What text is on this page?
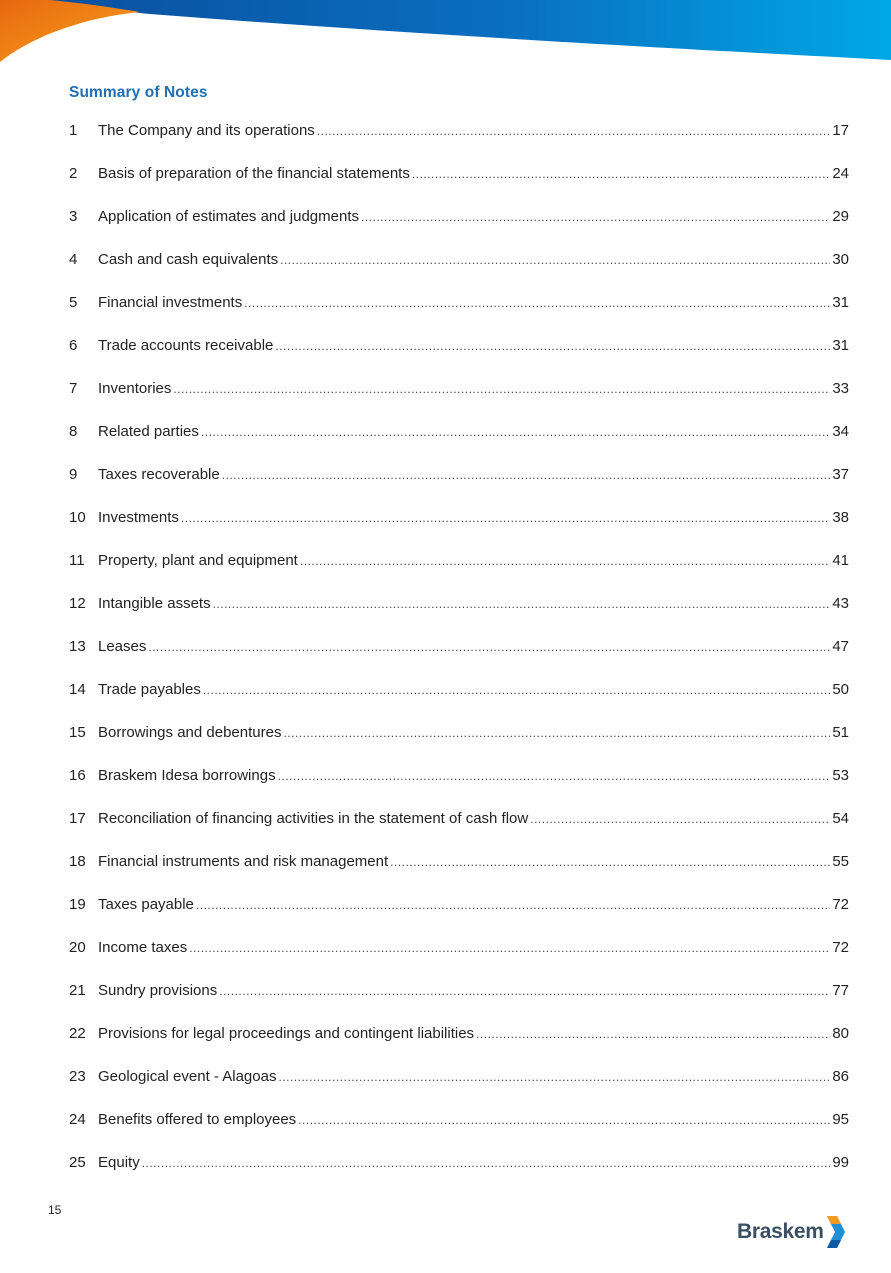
Summary of Notes
1	The Company and its operations .....	17
2	Basis of preparation of the financial statements .....	24
3	Application of estimates and judgments .....	29
4	Cash and cash equivalents .....	30
5	Financial investments .....	31
6	Trade accounts receivable .....	31
7	Inventories .....	33
8	Related parties .....	34
9	Taxes recoverable .....	37
10 Investments .....	38
11 Property, plant and equipment .....	41
12 Intangible assets .....	43
13 Leases .....	47
14 Trade payables .....	50
15 Borrowings and debentures .....	51
16 Braskem Idesa borrowings .....	53
17 Reconciliation of financing activities in the statement of cash flow .....	54
18 Financial instruments and risk management .....	55
19 Taxes payable .....	72
20 Income taxes .....	72
21 Sundry provisions .....	77
22 Provisions for legal proceedings and contingent liabilities .....	80
23 Geological event - Alagoas .....	86
24 Benefits offered to employees .....	95
25 Equity .....	99
15
Braskem
